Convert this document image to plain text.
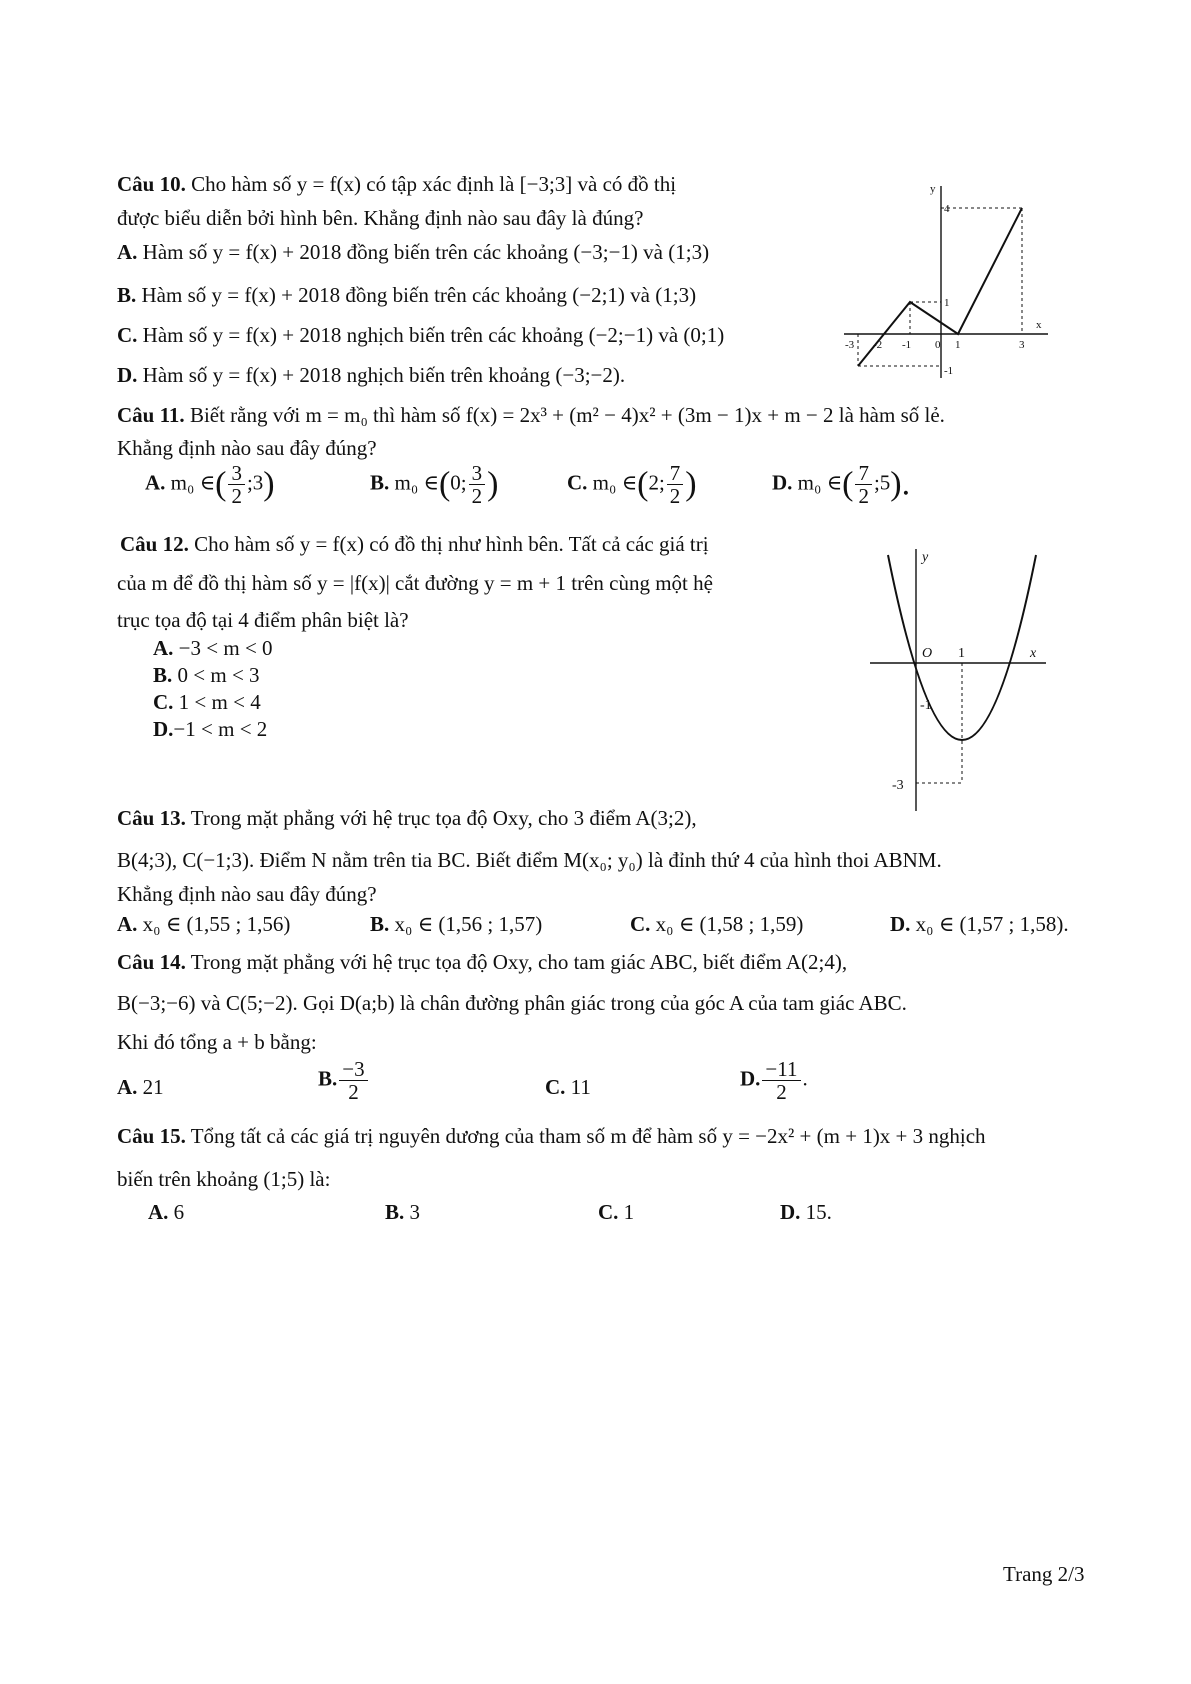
Câu 10. Cho hàm số y = f(x) có tập xác định là [−3;3] và có đồ thị
được biểu diễn bởi hình bên. Khẳng định nào sau đây là đúng?
A. Hàm số y = f(x) + 2018 đồng biến trên các khoảng (−3;−1) và (1;3)
B. Hàm số y = f(x) + 2018 đồng biến trên các khoảng (−2;1) và (1;3)
C. Hàm số y = f(x) + 2018 nghịch biến trên các khoảng (−2;−1) và (0;1)
D. Hàm số y = f(x) + 2018 nghịch biến trên khoảng (−3;−2).
y
x
-3 -2 -1 0 1	3
4
1
-1
Câu 11. Biết rằng với m = m₀ thì hàm số f(x) = 2x³ + (m² − 4)x² + (3m − 1)x + m − 2 là hàm số lẻ.
Khẳng định nào sau đây đúng?
A. m₀ ∈( $\frac{3}{2}$ ;3)	B. m₀ ∈(0; $\frac{3}{2}$ )	C. m₀ ∈(2; $\frac{7}{2}$ )	D. m₀ ∈( $\frac{7}{2}$ ;5).
Câu 12. Cho hàm số y = f(x) có đồ thị như hình bên. Tất cả các giá trị
của m để đồ thị hàm số y = |f(x)| cắt đường y = m + 1 trên cùng một hệ
trục tọa độ tại 4 điểm phân biệt là?
A. −3 < m < 0
B. 0 < m < 3
C. 1 < m < 4
D.−1 < m < 2
y
x
O 1
-1
-3
Câu 13. Trong mặt phẳng với hệ trục tọa độ Oxy, cho 3 điểm A(3;2),
B(4;3), C(−1;3). Điểm N nằm trên tia BC. Biết điểm M(x₀; y₀) là đỉnh thứ 4 của hình thoi ABNM.
Khẳng định nào sau đây đúng?
A. x₀ ∈ (1,55 ; 1,56)	B. x₀ ∈ (1,56 ; 1,57)	C. x₀ ∈ (1,58 ; 1,59)	D. x₀ ∈ (1,57 ; 1,58).
Câu 14. Trong mặt phẳng với hệ trục tọa độ Oxy, cho tam giác ABC, biết điểm A(2;4),
B(−3;−6) và C(5;−2). Gọi D(a;b) là chân đường phân giác trong của góc A của tam giác ABC.
Khi đó tổng a + b bằng:
A. 21	B. $\frac{-3}{2}$	C. 11	D. $\frac{-11}{2}$ .
Câu 15. Tổng tất cả các giá trị nguyên dương của tham số m để hàm số y = −2x² + (m + 1)x + 3 nghịch
biến trên khoảng (1;5) là:
A. 6	B. 3	C. 1	D. 15.
Trang 2/3
